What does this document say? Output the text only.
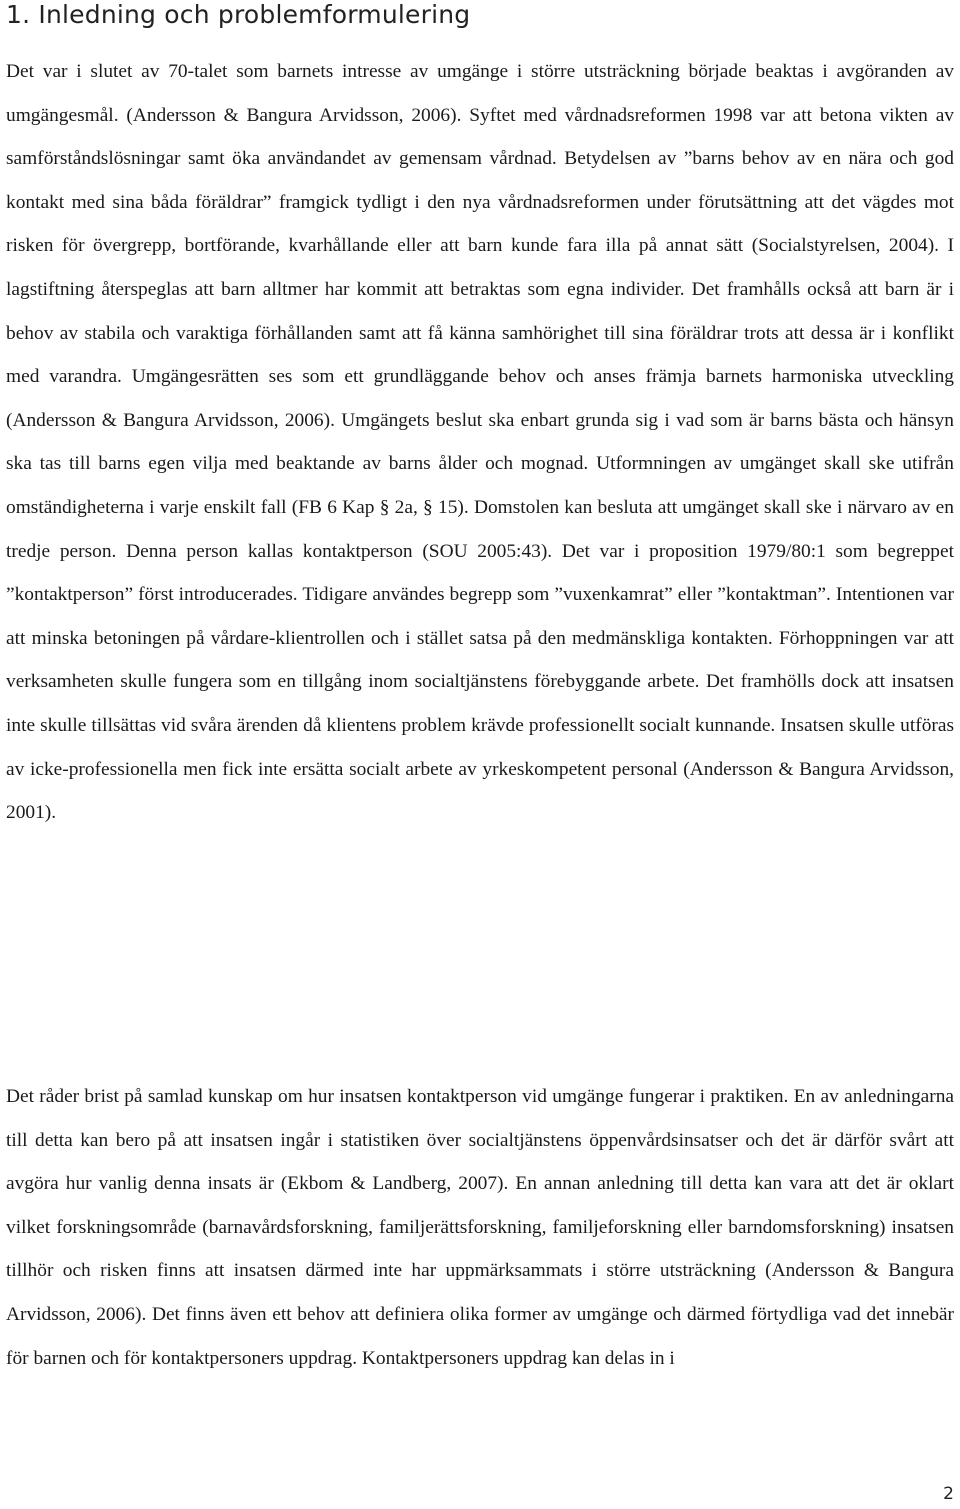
1. Inledning och problemformulering

Det var i slutet av 70-talet som barnets intresse av umgänge i större utsträckning började beaktas i avgöranden av umgängesmål. (Andersson & Bangura Arvidsson, 2006). Syftet med vårdnadsreformen 1998 var att betona vikten av samförståndslösningar samt öka användandet av gemensam vårdnad. Betydelsen av ”barns behov av en nära och god kontakt med sina båda föräldrar” framgick tydligt i den nya vårdnadsreformen under förutsättning att det vägdes mot risken för övergrepp, bortförande, kvarhållande eller att barn kunde fara illa på annat sätt (Socialstyrelsen, 2004). I lagstiftning återspeglas att barn alltmer har kommit att betraktas som egna individer. Det framhålls också att barn är i behov av stabila och varaktiga förhållanden samt att få känna samhörighet till sina föräldrar trots att dessa är i konflikt med varandra. Umgängesrätten ses som ett grundläggande behov och anses främja barnets harmoniska utveckling (Andersson & Bangura Arvidsson, 2006). Umgängets beslut ska enbart grunda sig i vad som är barns bästa och hänsyn ska tas till barns egen vilja med beaktande av barns ålder och mognad. Utformningen av umgänget skall ske utifrån omständigheterna i varje enskilt fall (FB 6 Kap § 2a, § 15). Domstolen kan besluta att umgänget skall ske i närvaro av en tredje person. Denna person kallas kontaktperson (SOU 2005:43). Det var i proposition 1979/80:1 som begreppet ”kontaktperson” först introducerades. Tidigare användes begrepp som ”vuxenkamrat” eller ”kontaktman”. Intentionen var att minska betoningen på vårdare-klientrollen och i stället satsa på den medmänskliga kontakten. Förhoppningen var att verksamheten skulle fungera som en tillgång inom socialtjänstens förebyggande arbete. Det framhölls dock att insatsen inte skulle tillsättas vid svåra ärenden då klientens problem krävde professionellt socialt kunnande. Insatsen skulle utföras av icke-professionella men fick inte ersätta socialt arbete av yrkeskompetent personal (Andersson & Bangura Arvidsson, 2001).

Det råder brist på samlad kunskap om hur insatsen kontaktperson vid umgänge fungerar i praktiken. En av anledningarna till detta kan bero på att insatsen ingår i statistiken över socialtjänstens öppenvårdsinsatser och det är därför svårt att avgöra hur vanlig denna insats är (Ekbom & Landberg, 2007). En annan anledning till detta kan vara att det är oklart vilket forskningsområde (barnavårdsforskning, familjerättsforskning, familjeforskning eller barndomsforskning) insatsen tillhör och risken finns att insatsen därmed inte har uppmärksammats i större utsträckning (Andersson & Bangura Arvidsson, 2006). Det finns även ett behov att definiera olika former av umgänge och därmed förtydliga vad det innebär för barnen och för kontaktpersoners uppdrag. Kontaktpersoners uppdrag kan delas in i

2
